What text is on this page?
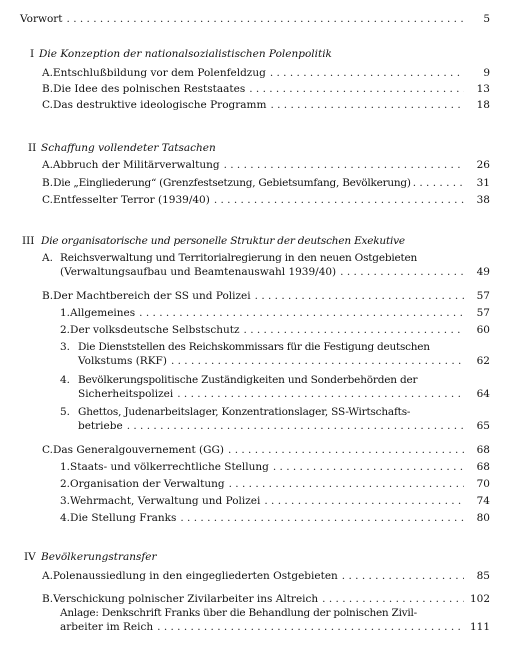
Vorwort . . .	5
I Die Konzeption der nationalsozialistischen Polenpolitik
A. Entschlußbildung vor dem Polenfeldzug . . .	9
B. Die Idee des polnischen Reststaates . . .	13
C. Das destruktive ideologische Programm . . .	18
II Schaffung vollendeter Tatsachen
A. Abbruch der Militärverwaltung . . .	26
B. Die „Eingliederung“ (Grenzfestsetzung, Gebietsumfang, Bevölkerung) . . .	31
C. Entfesselter Terror (1939/40) . . .	38
III Die organisatorische und personelle Struktur der deutschen Exekutive
A. Reichsverwaltung und Territorialregierung in den neuen Ostgebieten
(Verwaltungsaufbau und Beamtenauswahl 1939/40) . . .	49
B. Der Machtbereich der SS und Polizei . . .	57
1. Allgemeines . . .	57
2. Der volksdeutsche Selbstschutz . . .	60
3. Die Dienststellen des Reichskommissars für die Festigung deutschen
Volkstums (RKF) . . .	62
4. Bevölkerungspolitische Zuständigkeiten und Sonderbehörden der
Sicherheitspolizei . . .	64
5. Ghettos, Judenarbeitslager, Konzentrationslager, SS-Wirtschafts-
betriebe . . .	65
C. Das Generalgouvernement (GG) . . .	68
1. Staats- und völkerrechtliche Stellung . . .	68
2. Organisation der Verwaltung . . .	70
3. Wehrmacht, Verwaltung und Polizei . . .	74
4. Die Stellung Franks . . .	80
IV Bevölkerungstransfer
A. Polenaussiedlung in den eingegliederten Ostgebieten . . .	85
B. Verschickung polnischer Zivilarbeiter ins Altreich . . .	102
Anlage: Denkschrift Franks über die Behandlung der polnischen Zivil-
arbeiter im Reich . . .	111
